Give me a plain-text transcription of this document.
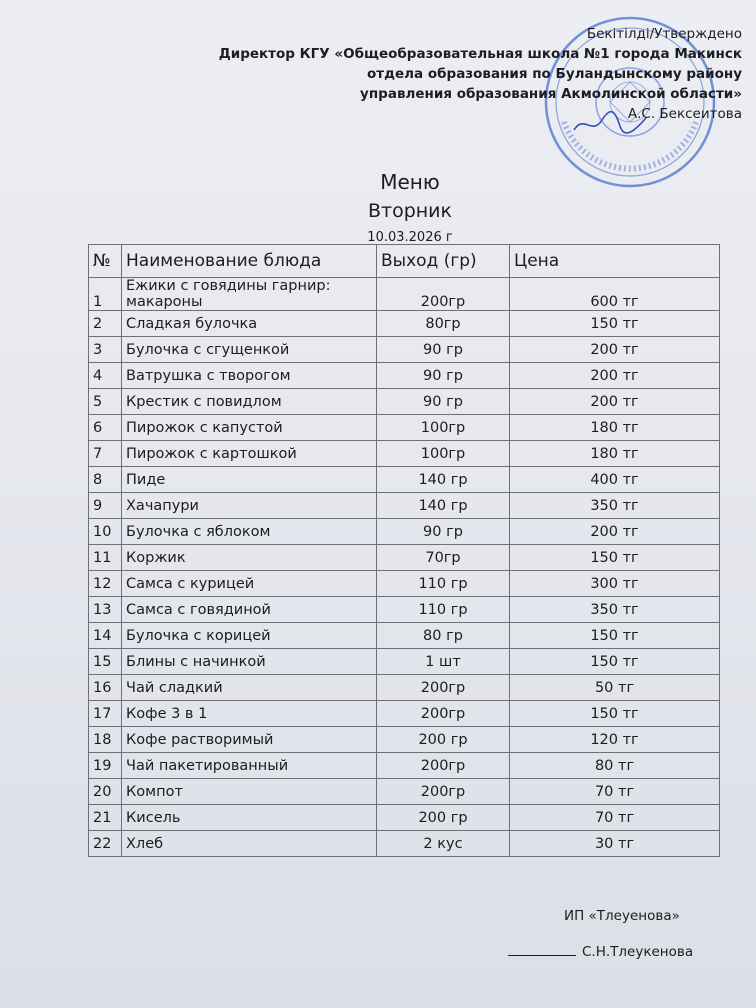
Бекітілді/Утверждено
Директор КГУ «Общеобразовательная школа №1 города Макинск
отдела образования по Буландынскому району
управления образования Акмолинской области»
А.С. Бексеитова
Меню
Вторник
10.03.2026 г
№	Наименование блюда	Выход (гр)	Цена
1	Ежики с говядины гарнир: макароны	200гр	600 тг
2	Сладкая булочка	80гр	150 тг
3	Булочка с сгущенкой	90 гр	200 тг
4	Ватрушка с творогом	90 гр	200 тг
5	Крестик с повидлом	90 гр	200 тг
6	Пирожок с капустой	100гр	180 тг
7	Пирожок с картошкой	100гр	180 тг
8	Пиде	140 гр	400 тг
9	Хачапури	140 гр	350 тг
10	Булочка с яблоком	90 гр	200 тг
11	Коржик	70гр	150 тг
12	Самса с курицей	110 гр	300 тг
13	Самса с говядиной	110 гр	350 тг
14	Булочка с корицей	80 гр	150 тг
15	Блины с начинкой	1 шт	150 тг
16	Чай сладкий	200гр	50 тг
17	Кофе 3 в 1	200гр	150 тг
18	Кофе растворимый	200 гр	120 тг
19	Чай пакетированный	200гр	80 тг
20	Компот	200гр	70 тг
21	Кисель	200 гр	70 тг
22	Хлеб	2 кус	30 тг
ИП «Тлеуенова»
С.Н.Тлеукенова
